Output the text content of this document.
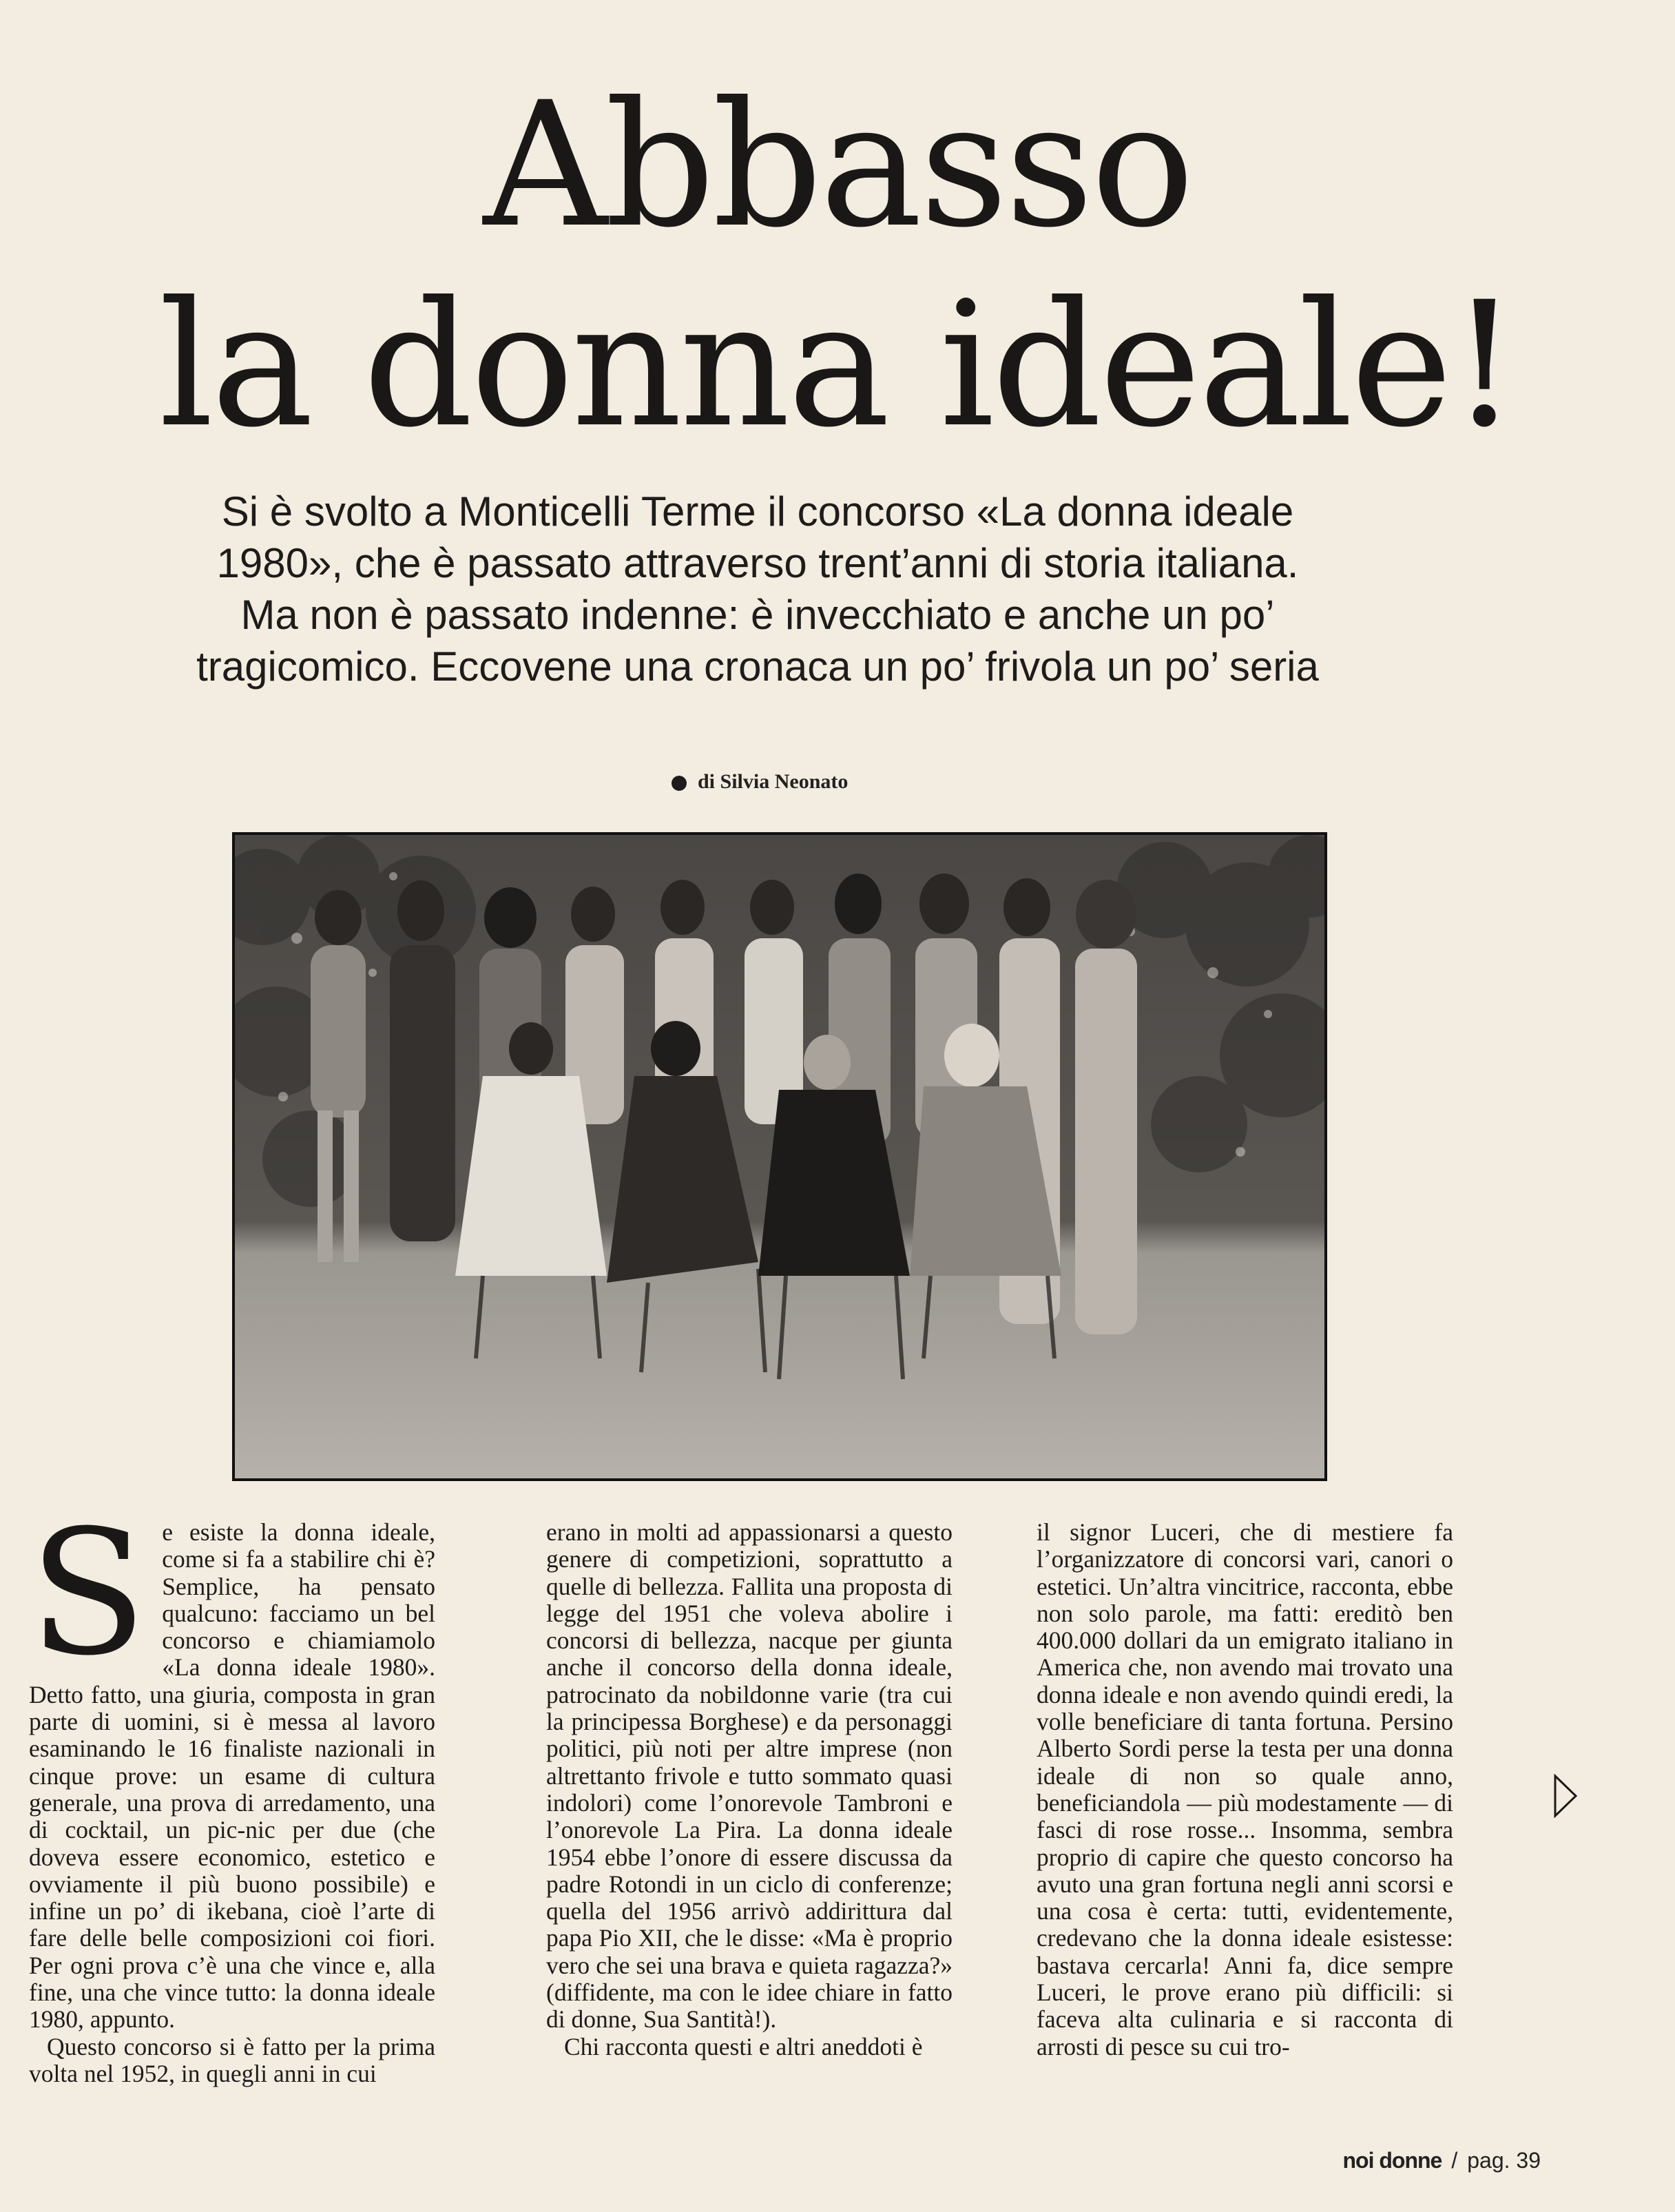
Abbasso
la donna ideale!

Si è svolto a Monticelli Terme il concorso «La donna ideale 1980», che è passato attraverso trent’anni di storia italiana. Ma non è passato indenne: è invecchiato e anche un po’ tragicomico. Eccovene una cronaca un po’ frivola un po’ seria

di Silvia Neonato
S e esiste la donna ideale, come si fa a stabilire chi è? Semplice, ha pensato qualcuno: facciamo un bel concorso e chiamiamolo «La donna ideale 1980». Detto fatto, una giuria, composta in gran parte di uomini, si è messa al lavoro esaminando le 16 finaliste nazionali in cinque prove: un esame di cultura generale, una prova di arredamento, una di cocktail, un pic-nic per due (che doveva essere economico, estetico e ovviamente il più buono possibile) e infine un po’ di ikebana, cioè l’arte di fare delle belle composizioni coi fiori. Per ogni prova c’è una che vince e, alla fine, una che vince tutto: la donna ideale 1980, appunto.

Questo concorso si è fatto per la prima volta nel 1952, in quegli anni in cui

erano in molti ad appassionarsi a questo genere di competizioni, soprattutto a quelle di bellezza. Fallita una proposta di legge del 1951 che voleva abolire i concorsi di bellezza, nacque per giunta anche il concorso della donna ideale, patrocinato da nobildonne varie (tra cui la principessa Borghese) e da personaggi politici, più noti per altre imprese (non altrettanto frivole e tutto sommato quasi indolori) come l’onorevole Tambroni e l’onorevole La Pira. La donna ideale 1954 ebbe l’onore di essere discussa da padre Rotondi in un ciclo di conferenze; quella del 1956 arrivò addirittura dal papa Pio XII, che le disse: «Ma è proprio vero che sei una brava e quieta ragazza?» (diffidente, ma con le idee chiare in fatto di donne, Sua Santità!).

Chi racconta questi e altri aneddoti è

il signor Luceri, che di mestiere fa l’organizzatore di concorsi vari, canori o estetici. Un’altra vincitrice, racconta, ebbe non solo parole, ma fatti: ereditò ben 400.000 dollari da un emigrato italiano in America che, non avendo mai trovato una donna ideale e non avendo quindi eredi, la volle beneficiare di tanta fortuna. Persino Alberto Sordi perse la testa per una donna ideale di non so quale anno, beneficiandola — più modestamente — di fasci di rose rosse... Insomma, sembra proprio di capire che questo concorso ha avuto una gran fortuna negli anni scorsi e una cosa è certa: tutti, evidentemente, credevano che la donna ideale esistesse: bastava cercarla! Anni fa, dice sempre Luceri, le prove erano più difficili: si faceva alta culinaria e si racconta di arrosti di pesce su cui tro-

noi donne / pag. 39
